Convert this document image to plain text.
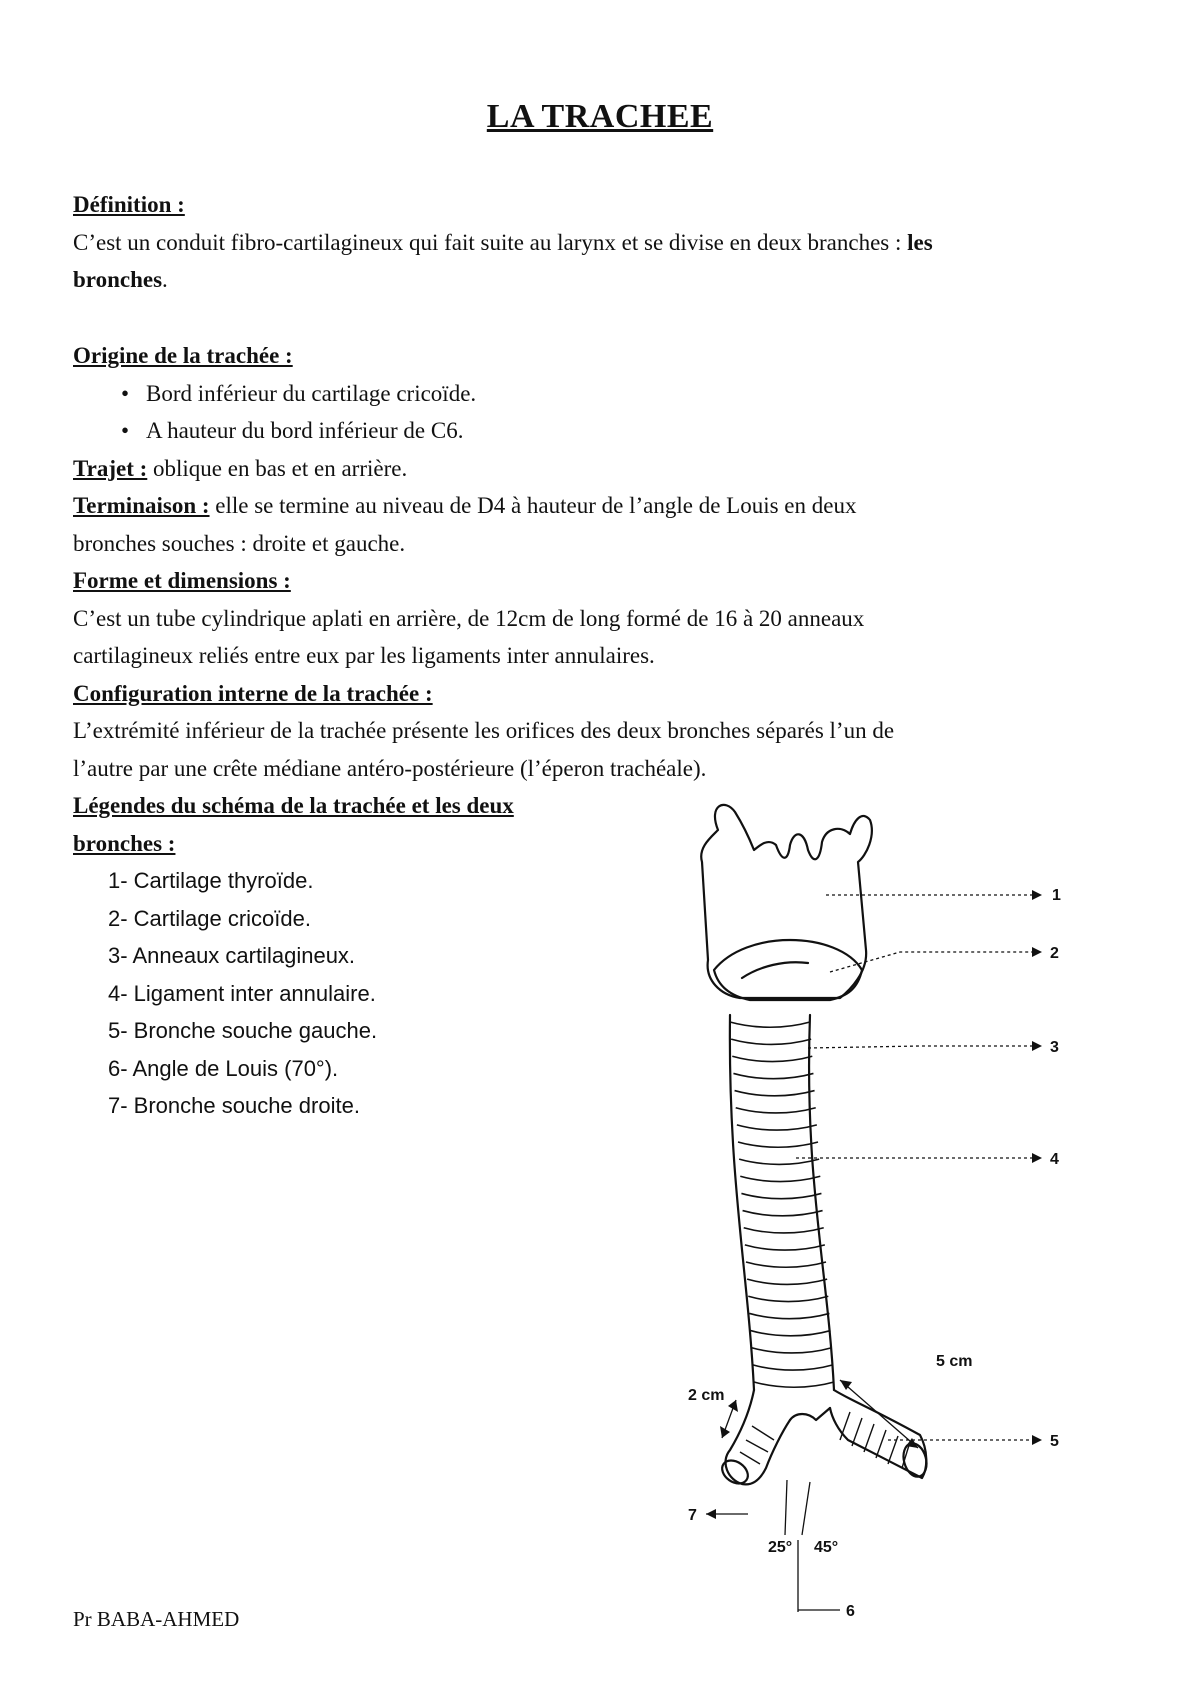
LA TRACHEE
Définition :
C’est un conduit fibro-cartilagineux qui fait suite au larynx et se divise en deux branches : les
bronches.
Origine de la trachée :
• Bord inférieur du cartilage cricoïde.
• A hauteur du bord inférieur de C6.
Trajet : oblique en bas et en arrière.
Terminaison : elle se termine au niveau de D4 à hauteur de l’angle de Louis en deux
bronches souches : droite et gauche.
Forme et dimensions :
C’est un tube cylindrique aplati en arrière, de 12cm de long formé de 16 à 20 anneaux
cartilagineux reliés entre eux par les ligaments inter annulaires.
Configuration interne de la trachée :
L’extrémité inférieur de la trachée présente les orifices des deux bronches séparés l’un de
l’autre par une crête médiane antéro-postérieure (l’éperon trachéale).
Légendes du schéma de la trachée et les deux
bronches :
1- Cartilage thyroïde.
2- Cartilage cricoïde.
3- Anneaux cartilagineux.
4- Ligament inter annulaire.
5- Bronche souche gauche.
6- Angle de Louis (70°).
7- Bronche souche droite.
1
2
3
4
5
6
7
2 cm
5 cm
25° 45°
Pr BABA-AHMED
